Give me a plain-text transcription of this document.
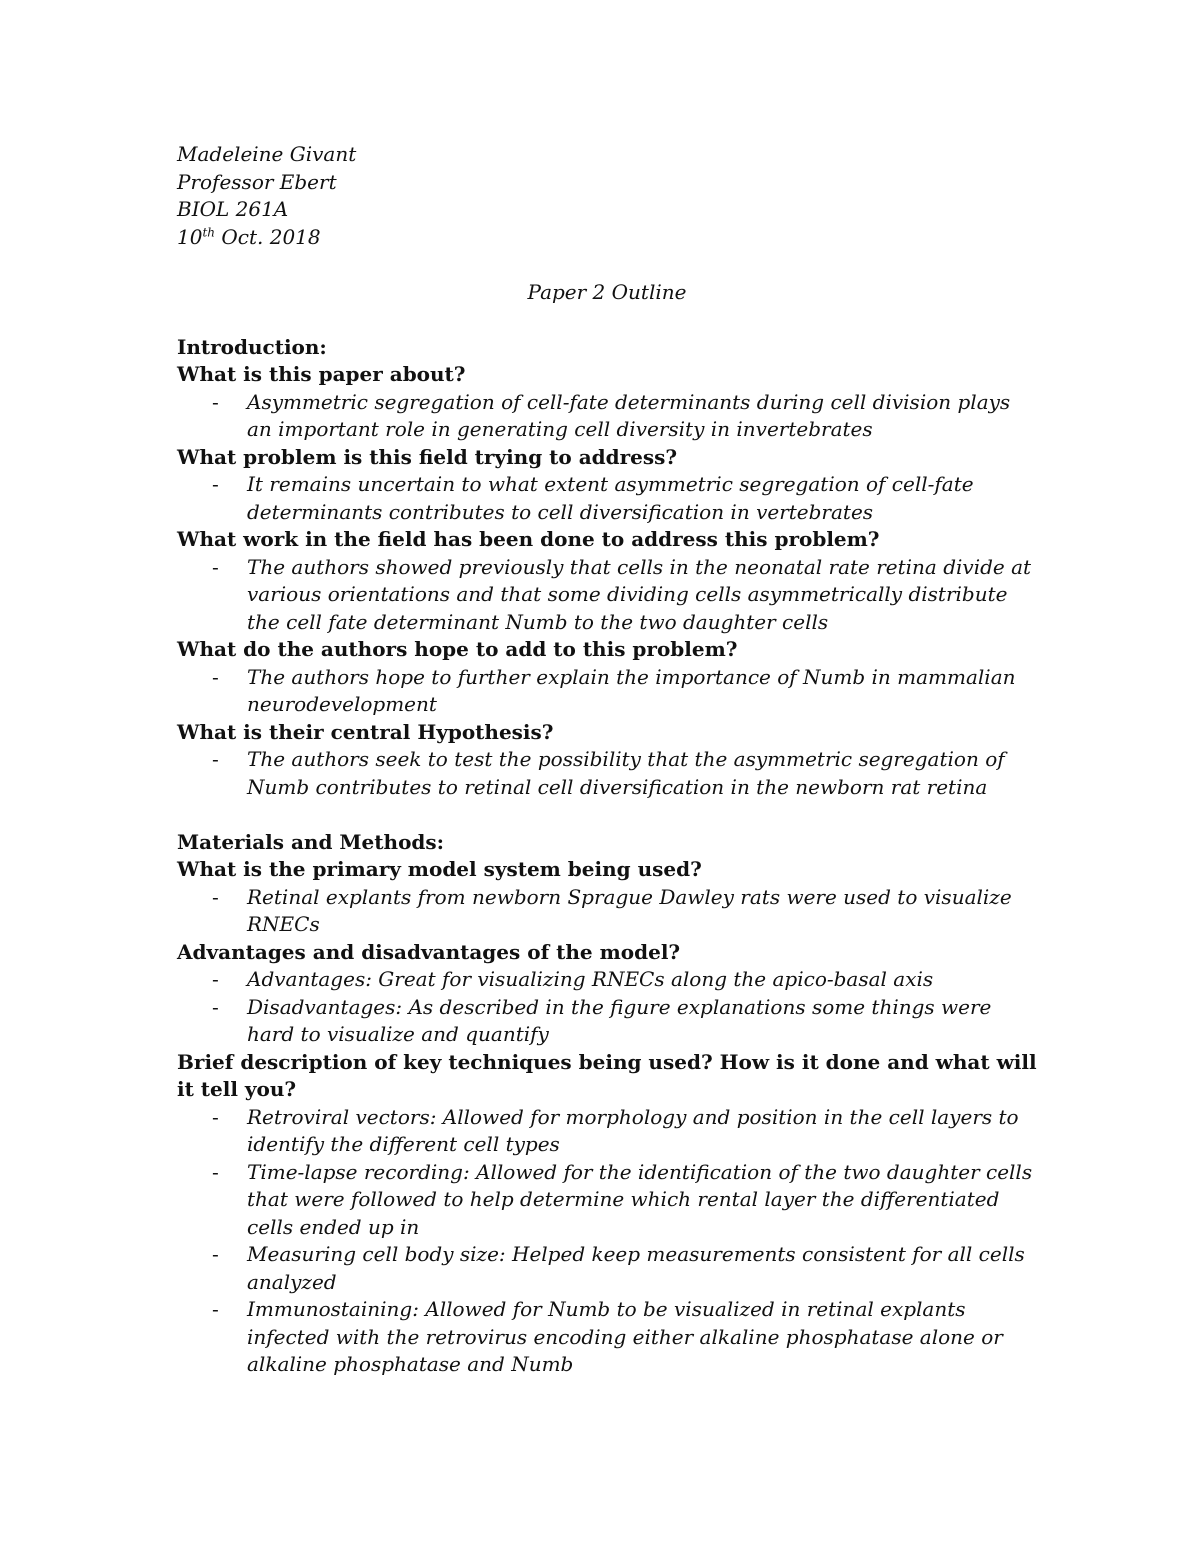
Madeleine Givant
Professor Ebert
BIOL 261A
10th Oct. 2018
Paper 2 Outline
Introduction:
What is this paper about?
- Asymmetric segregation of cell-fate determinants during cell division plays an important role in generating cell diversity in invertebrates
What problem is this field trying to address?
- It remains uncertain to what extent asymmetric segregation of cell-fate determinants contributes to cell diversification in vertebrates
What work in the field has been done to address this problem?
- The authors showed previously that cells in the neonatal rate retina divide at various orientations and that some dividing cells asymmetrically distribute the cell fate determinant Numb to the two daughter cells
What do the authors hope to add to this problem?
- The authors hope to further explain the importance of Numb in mammalian neurodevelopment
What is their central Hypothesis?
- The authors seek to test the possibility that the asymmetric segregation of Numb contributes to retinal cell diversification in the newborn rat retina
Materials and Methods:
What is the primary model system being used?
- Retinal explants from newborn Sprague Dawley rats were used to visualize RNECs
Advantages and disadvantages of the model?
- Advantages: Great for visualizing RNECs along the apico-basal axis
- Disadvantages: As described in the figure explanations some things were hard to visualize and quantify
Brief description of key techniques being used? How is it done and what will it tell you?
- Retroviral vectors: Allowed for morphology and position in the cell layers to identify the different cell types
- Time-lapse recording: Allowed for the identification of the two daughter cells that were followed to help determine which rental layer the differentiated cells ended up in
- Measuring cell body size: Helped keep measurements consistent for all cells analyzed
- Immunostaining: Allowed for Numb to be visualized in retinal explants infected with the retrovirus encoding either alkaline phosphatase alone or alkaline phosphatase and Numb
